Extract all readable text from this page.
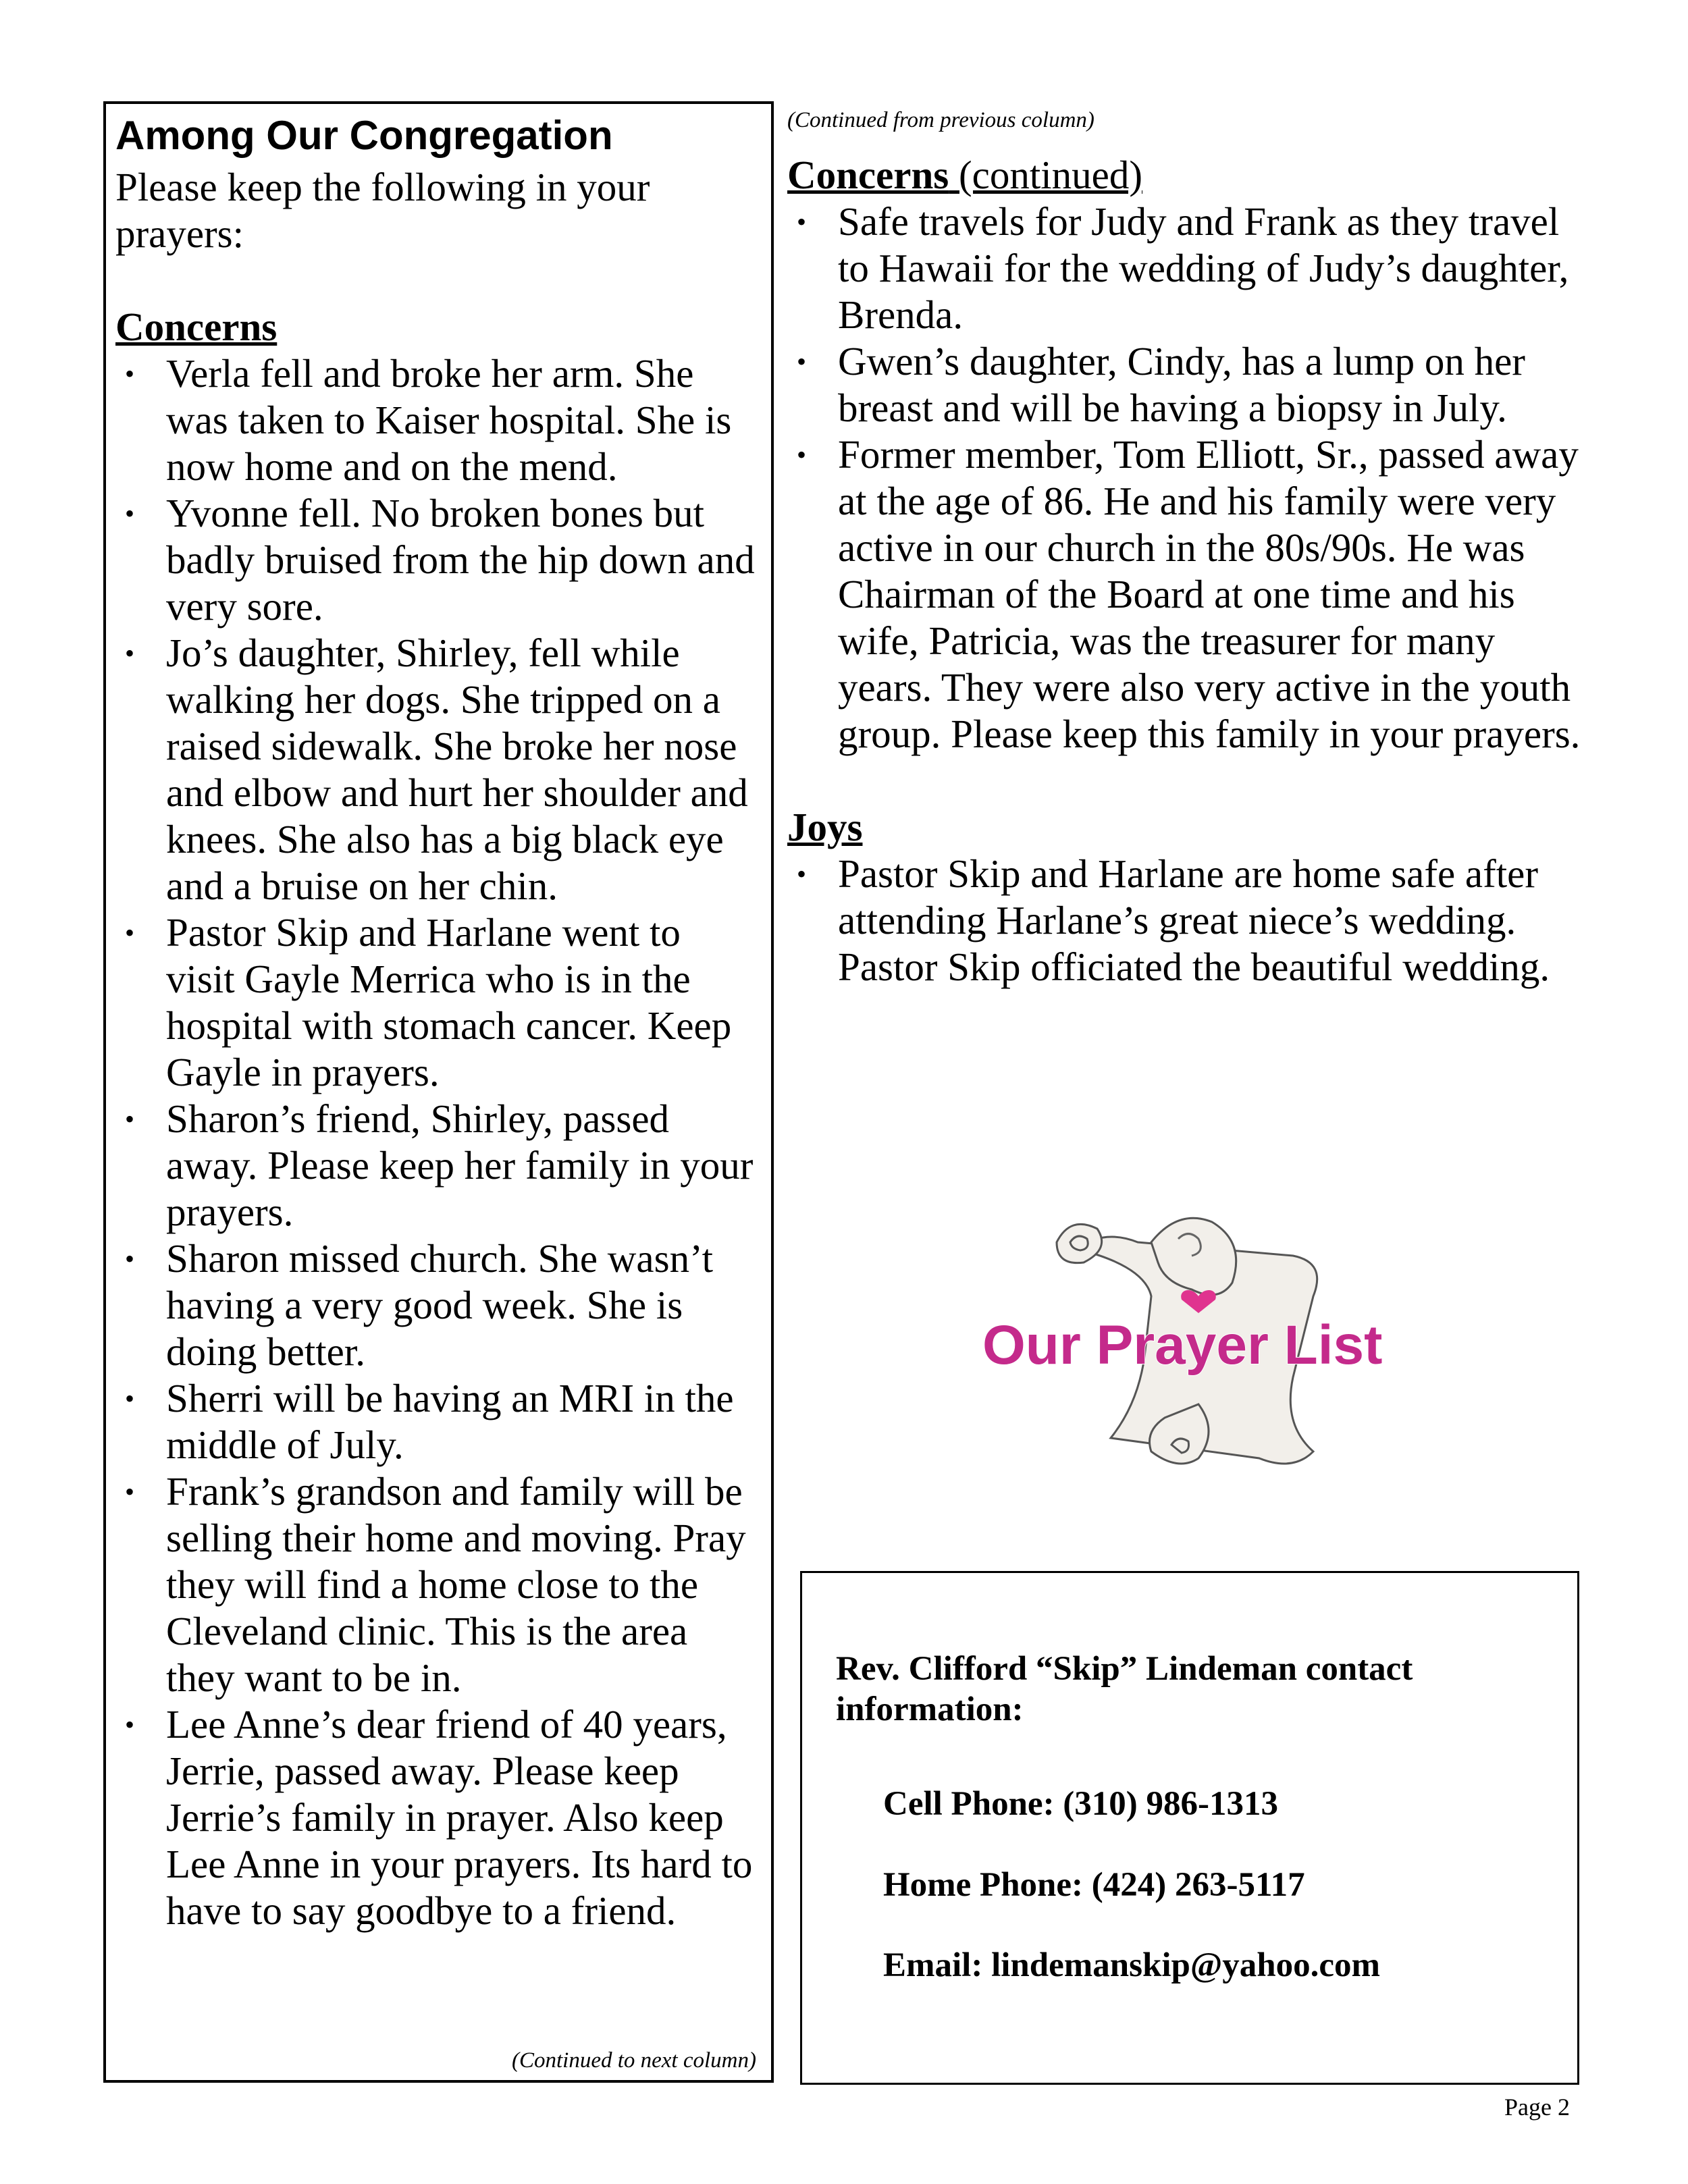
Among Our Congregation

Please keep the following in your prayers:

Concerns
• Verla fell and broke her arm. She was taken to Kaiser hospital. She is now home and on the mend.
• Yvonne fell. No broken bones but badly bruised from the hip down and very sore.
• Jo’s daughter, Shirley, fell while walking her dogs. She tripped on a raised sidewalk. She broke her nose and elbow and hurt her shoulder and knees. She also has a big black eye and a bruise on her chin.
• Pastor Skip and Harlane went to visit Gayle Merrica who is in the hospital with stomach cancer. Keep Gayle in prayers.
• Sharon’s friend, Shirley, passed away. Please keep her family in your prayers.
• Sharon missed church. She wasn’t having a very good week. She is doing better.
• Sherri will be having an MRI in the middle of July.
• Frank’s grandson and family will be selling their home and moving. Pray they will find a home close to the Cleveland clinic. This is the area they want to be in.
• Lee Anne’s dear friend of 40 years, Jerrie, passed away. Please keep Jerrie’s family in prayer. Also keep Lee Anne in your prayers. Its hard to have to say goodbye to a friend.
(Continued to next column)
(Continued from previous column)
Concerns (continued)
• Safe travels for Judy and Frank as they travel to Hawaii for the wedding of Judy’s daughter, Brenda.
• Gwen’s daughter, Cindy, has a lump on her breast and will be having a biopsy in July.
• Former member, Tom Elliott, Sr., passed away at the age of 86. He and his family were very active in our church in the 80s/90s. He was Chairman of the Board at one time and his wife, Patricia, was the treasurer for many years. They were also very active in the youth group. Please keep this family in your prayers.
Joys
• Pastor Skip and Harlane are home safe after attending Harlane’s great niece’s wedding. Pastor Skip officiated the beautiful wedding.
Our Prayer List
Rev. Clifford “Skip” Lindeman contact information:
Cell Phone: (310) 986-1313
Home Phone: (424) 263-5117
Email: lindemanskip@yahoo.com
Page 2
